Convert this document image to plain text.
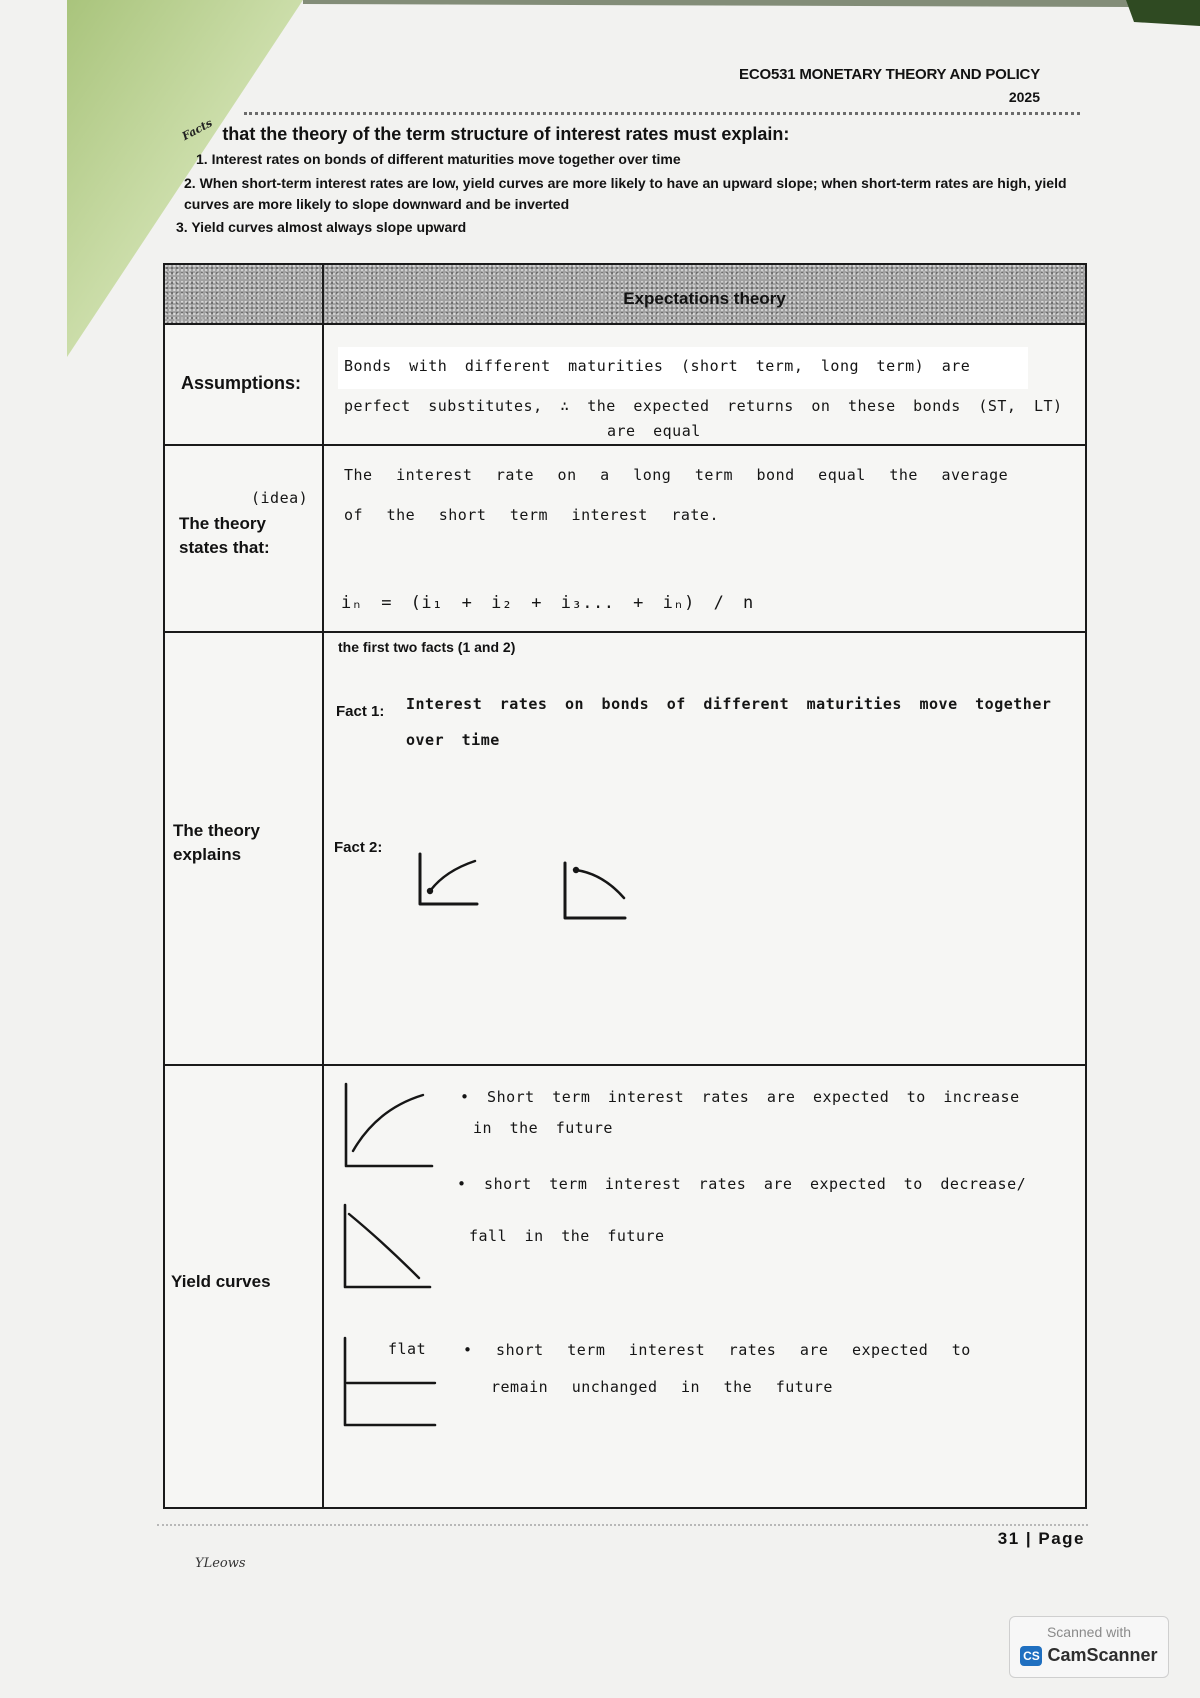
ECO531 MONETARY THEORY AND POLICY
2025
Facts that the theory of the term structure of interest rates must explain:
1. Interest rates on bonds of different maturities move together over time
2. When short-term interest rates are low, yield curves are more likely to have an upward slope; when short-term rates are high, yield curves are more likely to slope downward and be inverted
3. Yield curves almost always slope upward
Expectations theory
Assumptions:
Bonds with different maturities (short term, long term) are
perfect substitutes, ∴ the expected returns on these bonds (ST, LT)
are equal
(idea)
The theory
states that:
The interest rate on a long term bond equal the average
of the short term interest rate.
iₙ = (i₁ + i₂ + i₃... + iₙ) / n
The theory
explains
the first two facts (1 and 2)
Fact 1: Interest rates on bonds of different maturities move together
over time
Fact 2:
Yield curves
• Short term interest rates are expected to increase
in the future
• short term interest rates are expected to decrease/
fall in the future
flat • short term interest rates are expected to
remain unchanged in the future
31 | Page
YLeows
Scanned with
CS CamScanner
